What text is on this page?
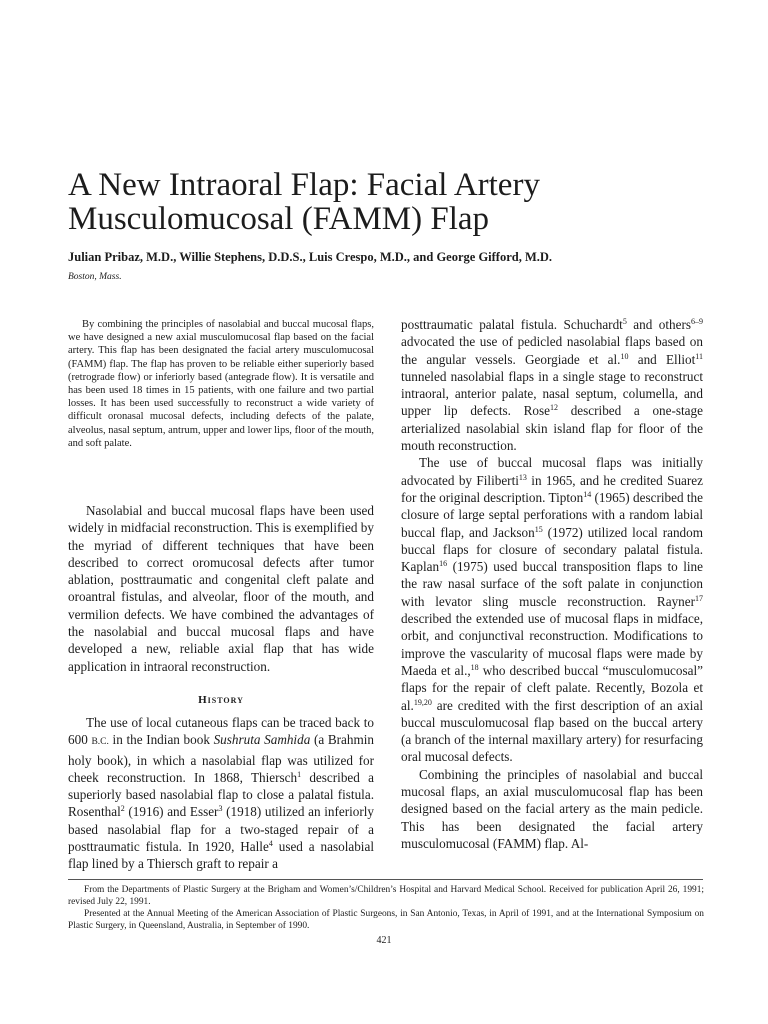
A New Intraoral Flap: Facial Artery
Musculomucosal (FAMM) Flap

Julian Pribaz, M.D., Willie Stephens, D.D.S., Luis Crespo, M.D., and George Gifford, M.D.

Boston, Mass.

By combining the principles of nasolabial and buccal mucosal flaps, we have designed a new axial musculomucosal flap based on the facial artery. This flap has been designated the facial artery musculomucosal (FAMM) flap. The flap has proven to be reliable either superiorly based (retrograde flow) or inferiorly based (antegrade flow). It is versatile and has been used 18 times in 15 patients, with one failure and two partial losses. It has been used successfully to reconstruct a wide variety of difficult oronasal mucosal defects, including defects of the palate, alveolus, nasal septum, antrum, upper and lower lips, floor of the mouth, and soft palate.

Nasolabial and buccal mucosal flaps have been used widely in midfacial reconstruction. This is exemplified by the myriad of different techniques that have been described to correct oromucosal defects after tumor ablation, posttraumatic and congenital cleft palate and oroantral fistulas, and alveolar, floor of the mouth, and vermilion defects. We have combined the advantages of the nasolabial and buccal mucosal flaps and have developed a new, reliable axial flap that has wide application in intraoral reconstruction.

History

The use of local cutaneous flaps can be traced back to 600 B.C. in the Indian book Sushruta Samhida (a Brahmin holy book), in which a nasolabial flap was utilized for cheek reconstruction. In 1868, Thiersch$^1$ described a superiorly based nasolabial flap to close a palatal fistula. Rosenthal$^2$ (1916) and Esser$^3$ (1918) utilized an inferiorly based nasolabial flap for a two-staged repair of a posttraumatic fistula. In 1920, Halle$^4$ used a nasolabial flap lined by a Thiersch graft to repair a

posttraumatic palatal fistula. Schuchardt$^5$ and others$^{6-9}$ advocated the use of pedicled nasolabial flaps based on the angular vessels. Georgiade et al.$^{10}$ and Elliot$^{11}$ tunneled nasolabial flaps in a single stage to reconstruct intraoral, anterior palate, nasal septum, columella, and upper lip defects. Rose$^{12}$ described a one-stage arterialized nasolabial skin island flap for floor of the mouth reconstruction.

The use of buccal mucosal flaps was initially advocated by Filiberti$^{13}$ in 1965, and he credited Suarez for the original description. Tipton$^{14}$ (1965) described the closure of large septal perforations with a random labial buccal flap, and Jackson$^{15}$ (1972) utilized local random buccal flaps for closure of secondary palatal fistula. Kaplan$^{16}$ (1975) used buccal transposition flaps to line the raw nasal surface of the soft palate in conjunction with levator sling muscle reconstruction. Rayner$^{17}$ described the extended use of mucosal flaps in midface, orbit, and conjunctival reconstruction. Modifications to improve the vascularity of mucosal flaps were made by Maeda et al.,$^{18}$ who described buccal “musculomucosal” flaps for the repair of cleft palate. Recently, Bozola et al.$^{19,20}$ are credited with the first description of an axial buccal musculomucosal flap based on the buccal artery (a branch of the internal maxillary artery) for resurfacing oral mucosal defects.

Combining the principles of nasolabial and buccal mucosal flaps, an axial musculomucosal flap has been designed based on the facial artery as the main pedicle. This has been designated the facial artery musculomucosal (FAMM) flap. Al-

From the Departments of Plastic Surgery at the Brigham and Women’s/Children’s Hospital and Harvard Medical School. Received for publication April 26, 1991; revised July 22, 1991.

Presented at the Annual Meeting of the American Association of Plastic Surgeons, in San Antonio, Texas, in April of 1991, and at the International Symposium on Plastic Surgery, in Queensland, Australia, in September of 1990.

421
